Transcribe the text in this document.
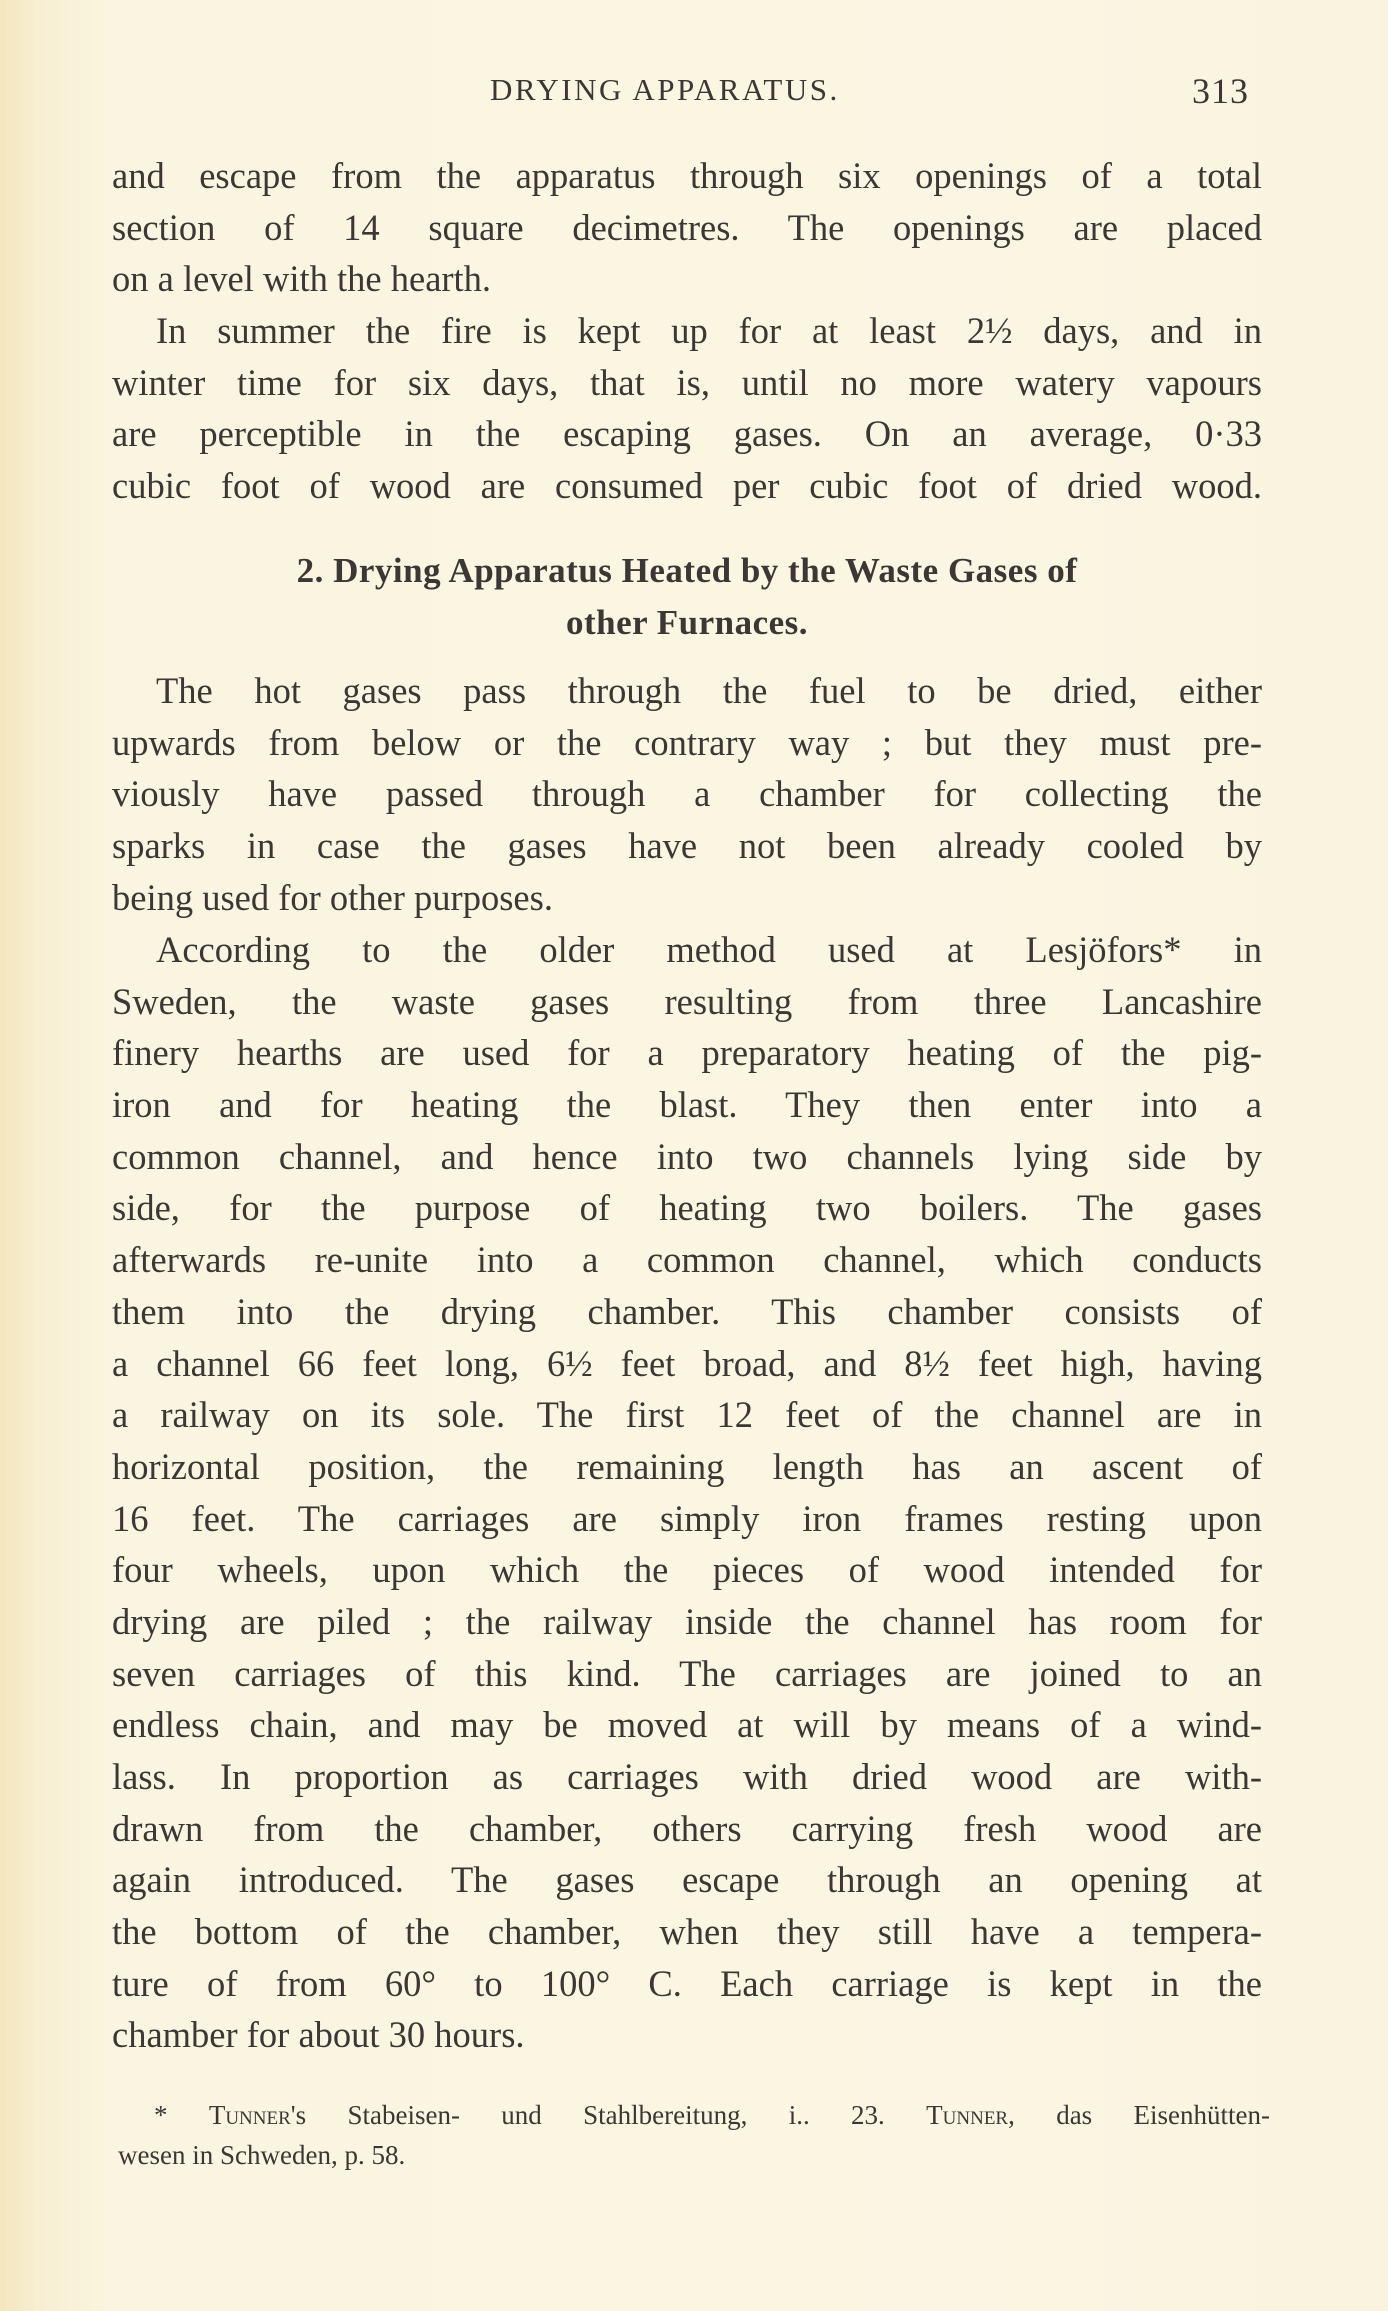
DRYING APPARATUS.	313
and escape from the apparatus through six openings of a total
section of 14 square decimetres. The openings are placed
on a level with the hearth.
In summer the fire is kept up for at least 2½ days, and in
winter time for six days, that is, until no more watery vapours
are perceptible in the escaping gases. On an average, 0·33
cubic foot of wood are consumed per cubic foot of dried wood.
2. Drying Apparatus Heated by the Waste Gases of
other Furnaces.
The hot gases pass through the fuel to be dried, either
upwards from below or the contrary way ; but they must pre-
viously have passed through a chamber for collecting the
sparks in case the gases have not been already cooled by
being used for other purposes.
According to the older method used at Lesjöfors* in
Sweden, the waste gases resulting from three Lancashire
finery hearths are used for a preparatory heating of the pig-
iron and for heating the blast. They then enter into a
common channel, and hence into two channels lying side by
side, for the purpose of heating two boilers. The gases
afterwards re-unite into a common channel, which conducts
them into the drying chamber. This chamber consists of
a channel 66 feet long, 6½ feet broad, and 8½ feet high, having
a railway on its sole. The first 12 feet of the channel are in
horizontal position, the remaining length has an ascent of
16 feet. The carriages are simply iron frames resting upon
four wheels, upon which the pieces of wood intended for
drying are piled ; the railway inside the channel has room for
seven carriages of this kind. The carriages are joined to an
endless chain, and may be moved at will by means of a wind-
lass. In proportion as carriages with dried wood are with-
drawn from the chamber, others carrying fresh wood are
again introduced. The gases escape through an opening at
the bottom of the chamber, when they still have a tempera-
ture of from 60° to 100° C. Each carriage is kept in the
chamber for about 30 hours.
* Tunner's Stabeisen- und Stahlbereitung, i.. 23. Tunner, das Eisenhütten-
wesen in Schweden, p. 58.
